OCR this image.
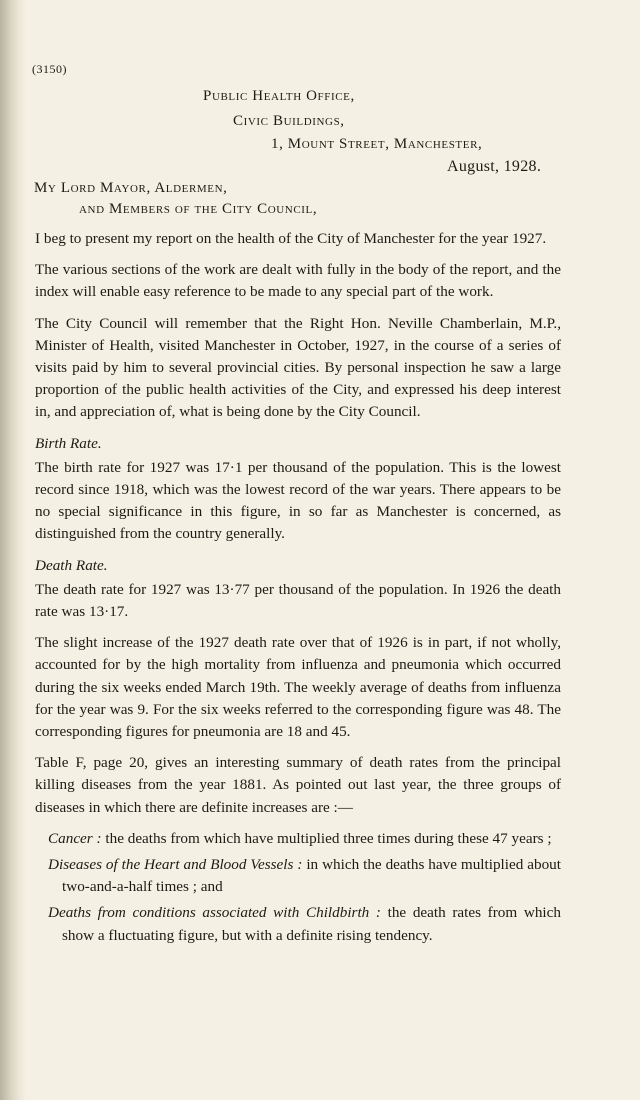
(3150)
Public Health Office,
Civic Buildings,
1, Mount Street, Manchester,
August, 1928.
My Lord Mayor, Aldermen,
and Members of the City Council,

I beg to present my report on the health of the City of Manchester for the year 1927.

The various sections of the work are dealt with fully in the body of the report, and the index will enable easy reference to be made to any special part of the work.

The City Council will remember that the Right Hon. Neville Chamberlain, M.P., Minister of Health, visited Manchester in October, 1927, in the course of a series of visits paid by him to several provincial cities. By personal inspection he saw a large proportion of the public health activities of the City, and expressed his deep interest in, and appreciation of, what is being done by the City Council.

Birth Rate.

The birth rate for 1927 was 17·1 per thousand of the population. This is the lowest record since 1918, which was the lowest record of the war years. There appears to be no special significance in this figure, in so far as Manchester is concerned, as distinguished from the country generally.

Death Rate.

The death rate for 1927 was 13·77 per thousand of the population. In 1926 the death rate was 13·17.

The slight increase of the 1927 death rate over that of 1926 is in part, if not wholly, accounted for by the high mortality from influenza and pneumonia which occurred during the six weeks ended March 19th. The weekly average of deaths from influenza for the year was 9. For the six weeks referred to the corresponding figure was 48. The corresponding figures for pneumonia are 18 and 45.

Table F, page 20, gives an interesting summary of death rates from the principal killing diseases from the year 1881. As pointed out last year, the three groups of diseases in which there are definite increases are :—

Cancer : the deaths from which have multiplied three times during these 47 years ;

Diseases of the Heart and Blood Vessels : in which the deaths have multiplied about two-and-a-half times ; and

Deaths from conditions associated with Childbirth : the death rates from which show a fluctuating figure, but with a definite rising tendency.
